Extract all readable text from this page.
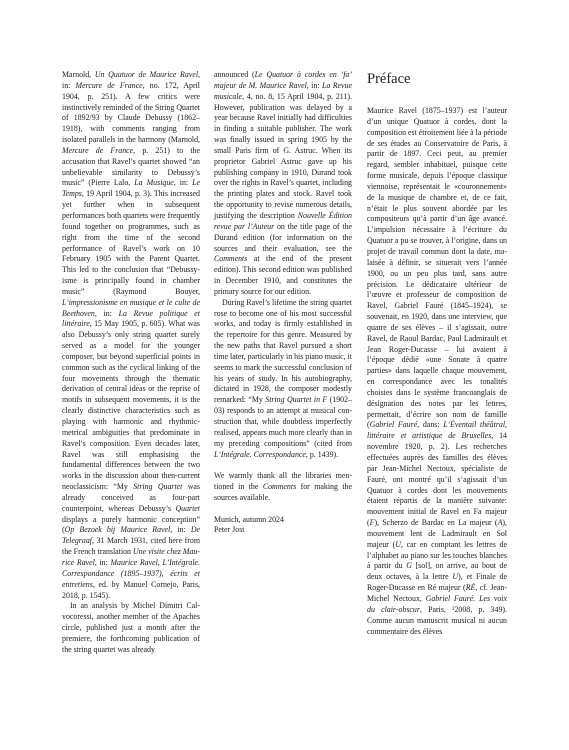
Marnold, Un Quatuor de Maurice Ravel, in: Mercure de France, no. 172, April 1904, p. 251). A few critics were instinctively reminded of the String Quartet of 1892/93 by Claude Debussy (1862–1918), with comments ranging from isolated parallels in the harmony (Marnold, Mercure de France, p. 251) to the accusation that Ravel’s quartet showed “an unbelievable similarity to Debussy’s music” (Pierre Lalo, La Musique, in: Le Temps, 19 April 1904, p. 3). This increased yet further when in subsequent performances both quartets were frequently found together on programmes, such as right from the time of the second performance of Ravel’s work on 10 February 1905 with the Parent Quartet. This led to the conclusion that “Debussy-isme is principally found in chamber music” (Raymond Bouyer, L’impressionisme en musique et le culte de Beethoven, in: La Revue politique et littéraire, 15 May 1905, p. 605). What was also Debussy’s only string quartet surely served as a model for the younger composer, but beyond superficial points in common such as the cyclical linking of the four movements through the thematic derivation of central ideas or the reprise of motifs in subsequent movements, it is the clearly distinctive characteristics such as playing with harmonic and rhythmic-metrical ambiguities that predominate in Ravel’s composition. Even decades later, Ravel was still emphasising the fundamental differences between the two works in the discussion about then-current neoclassicism: “My String Quartet was already conceived as four-part counterpoint, whereas Debussy’s Quartet displays a purely harmonic conception” (Op Bezoek bij Maurice Ravel, in: De Telegraaf, 31 March 1931, cited here from the French translation Une visite chez Maurice Ravel, in: Maurice Ravel, L’Intégrale. Correspondance (1895–1937), écrits et entretiens, ed. by Manuel Cornejo, Paris, 2018, p. 1545).

In an analysis by Michel Dimitri Calvocoressi, another member of the Apaches circle, published just a month after the premiere, the forthcoming publication of the string quartet was already

announced (Le Quatuor à cordes en ‘fa’ majeur de M. Maurice Ravel, in: La Revue musicale, 4, no. 8, 15 April 1904, p. 211). However, publication was delayed by a year because Ravel initially had difficulties in finding a suitable publisher. The work was finally issued in spring 1905 by the small Paris firm of G. Astruc. When its proprietor Gabriel Astruc gave up his publishing company in 1910, Durand took over the rights in Ravel’s quartet, including the printing plates and stock. Ravel took the opportunity to revise numerous details, justifying the description Nouvelle Édition revue par l’Auteur on the title page of the Durand edition (for information on the sources and their evaluation, see the Comments at the end of the present edition). This second edition was published in December 1910, and constitutes the primary source for our edition.

During Ravel’s lifetime the string quartet rose to become one of his most successful works, and today is firmly established in the repertoire for this genre. Measured by the new paths that Ravel pursued a short time later, particularly in his piano music, it seems to mark the successful conclusion of his years of study. In his autobiography, dictated in 1928, the composer modestly remarked: “My String Quartet in F (1902–03) responds to an attempt at musical construction that, while doubtless imperfectly realised, appears much more clearly than in my preceding compositions” (cited from L’Intégrale. Correspondance, p. 1439).

We warmly thank all the libraries mentioned in the Comments for making the sources available.

Munich, autumn 2024

Peter Jost

Préface

Maurice Ravel (1875–1937) est l’auteur d’un unique Quatuor à cordes, dont la composition est étroitement liée à la période de ses études au Conservatoire de Paris, à partir de 1897. Ceci peut, au premier regard, sembler inhabituel, puisque cette forme musicale, depuis l’époque classique viennoise, représentait le «couronnement» de la musique de chambre et, de ce fait, n’était le plus souvent abordée par les compositeurs qu’à partir d’un âge avancé. L’impulsion nécessaire à l’écriture du Quatuor a pu se trouver, à l’origine, dans un projet de travail commun dont la date, malaisée à définir, se situerait vers l’année 1900, ou un peu plus tard, sans autre précision. Le dédicataire ultérieur de l’œuvre et professeur de composition de Ravel, Gabriel Fauré (1845–1924), se souvenait, en 1920, dans une interview, que quatre de ses élèves – il s’agissait, outre Ravel, de Raoul Bardac, Paul Ladmirault et Jean Roger-Ducasse – lui avaient à l’époque dédié «une Sonate à quatre parties» dans laquelle chaque mouvement, en correspondance avec les tonalités choisies dans le système francoanglais de désignation des notes par les lettres, permettait, d’écrire son nom de famille (Gabriel Fauré, dans: L’Éventail théâtral, littéraire et artistique de Bruxelles, 14 novembre 1920, p. 2). Les recherches effectuées auprès des familles des élèves par Jean-Michel Nectoux, spécialiste de Fauré, ont montré qu’il s’agissait d’un Quatuor à cordes dont les mouvements étaient répartis de la manière suivante: mouvement initial de Ravel en Fa majeur (F), Scherzo de Bardac en La majeur (A), mouvement lent de Ladmirault en Sol majeur (U, car en comptant les lettres de l’alphabet au piano sur les touches blanches à partir du G [sol], on arrive, au bout de deux octaves, à la lettre U), et Finale de Roger-Ducasse en Ré majeur (RÉ, cf. Jean-Michel Nectoux, Gabriel Fauré. Les voix du clair-obscur, Paris, ²2008, p. 349). Comme aucun manuscrit musical ni aucun commentaire des élèves
